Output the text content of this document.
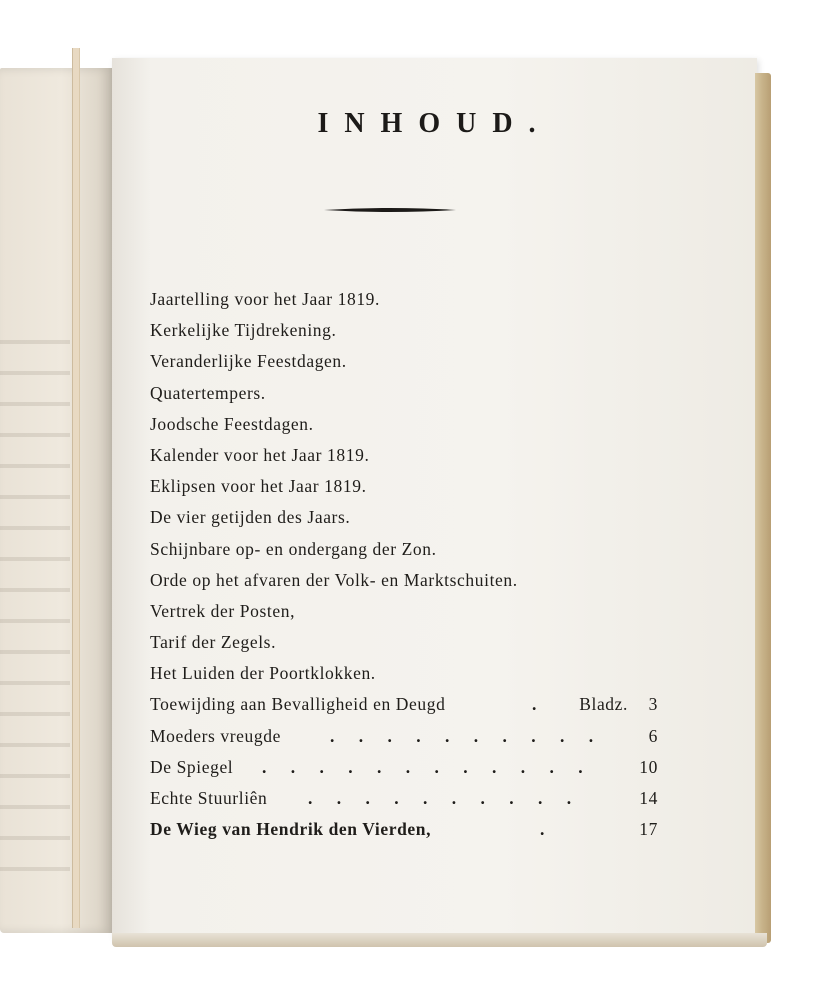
INHOUD.
Jaartelling voor het Jaar 1819.
Kerkelijke Tijdrekening.
Veranderlijke Feestdagen.
Quatertempers.
Joodsche Feestdagen.
Kalender voor het Jaar 1819.
Eklipsen voor het Jaar 1819.
De vier getijden des Jaars.
Schijnbare op- en ondergang der Zon.
Orde op het afvaren der Volk- en Marktschuiten.
Vertrek der Posten,
Tarif der Zegels.
Het Luiden der Poortklokken.
Toewijding aan Bevalligheid en Deugd	. Bladz. 3
Moeders vreugde	. . . . . . . . . .	6
De Spiegel . . . . . . . . . . . .	10
Echte Stuurliên . . . . . . . . . .	14
De Wieg van Hendrik den Vierden,	.	17
